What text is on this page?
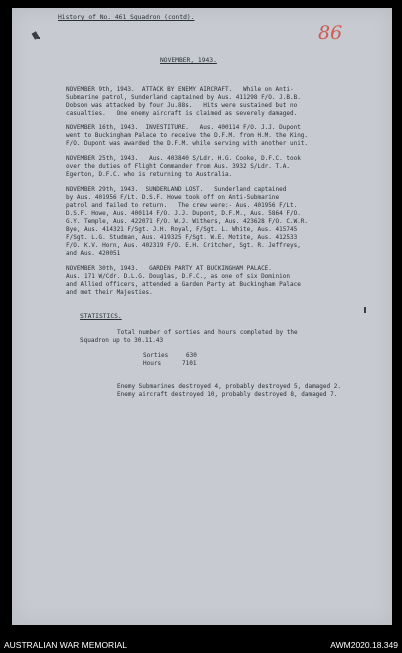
History of No. 461 Squadron (contd).
86
NOVEMBER, 1943.
NOVEMBER 9th, 1943.  ATTACK BY ENEMY AIRCRAFT.   While on Anti-
Submarine patrol, Sunderland captained by Aus. 411298 F/O. J.B.B.
Dobson was attacked by four Ju.88s.   Hits were sustained but no
casualties.   One enemy aircraft is claimed as severely damaged.
NOVEMBER 16th, 1943.  INVESTITURE.   Aus. 400114 F/O. J.J. Dupont
went to Buckingham Palace to receive the D.F.M. from H.M. the King.
F/O. Dupont was awarded the D.F.M. while serving with another unit.
NOVEMBER 25th, 1943.   Aus. 403840 S/Ldr. H.G. Cooke, D.F.C. took
over the duties of Flight Commander from Aus. 3932 S/Ldr. T.A.
Egerton, D.F.C. who is returning to Australia.
NOVEMBER 29th, 1943.  SUNDERLAND LOST.   Sunderland captained
by Aus. 401956 F/Lt. D.S.F. Howe took off on Anti-Submarine
patrol and failed to return.   The crew were:- Aus. 401956 F/Lt.
D.S.F. Howe, Aus. 400114 F/O. J.J. Dupont, D.F.M., Aus. 5864 F/O.
G.Y. Temple, Aus. 422071 F/O. W.J. Withers, Aus. 423628 F/O. C.W.R.
Bye, Aus. 414321 F/Sgt. J.H. Royal, F/Sgt. L. White, Aus. 415745
F/Sgt. L.G. Studman, Aus. 419325 F/Sgt. W.E. Motite, Aus. 412533
F/O. K.V. Horn, Aus. 402319 F/O. E.H. Critcher, Sgt. R. Jeffreys,
and Aus. 420051
NOVEMBER 30th, 1943.   GARDEN PARTY AT BUCKINGHAM PALACE.
Aus. 171 W/Cdr. D.L.G. Douglas, D.F.C., as one of six Dominion
and Allied officers, attended a Garden Party at Buckingham Palace
and met their Majesties.
STATISTICS.
Total number of sorties and hours completed by the
Squadron up to 30.11.43
Sorties	630
Hours	7101
Enemy Submarines destroyed 4, probably destroyed 5, damaged 2.
Enemy aircraft destroyed 10, probably destroyed 8, damaged 7.
AUSTRALIAN WAR MEMORIAL	AWM2020.18.349
